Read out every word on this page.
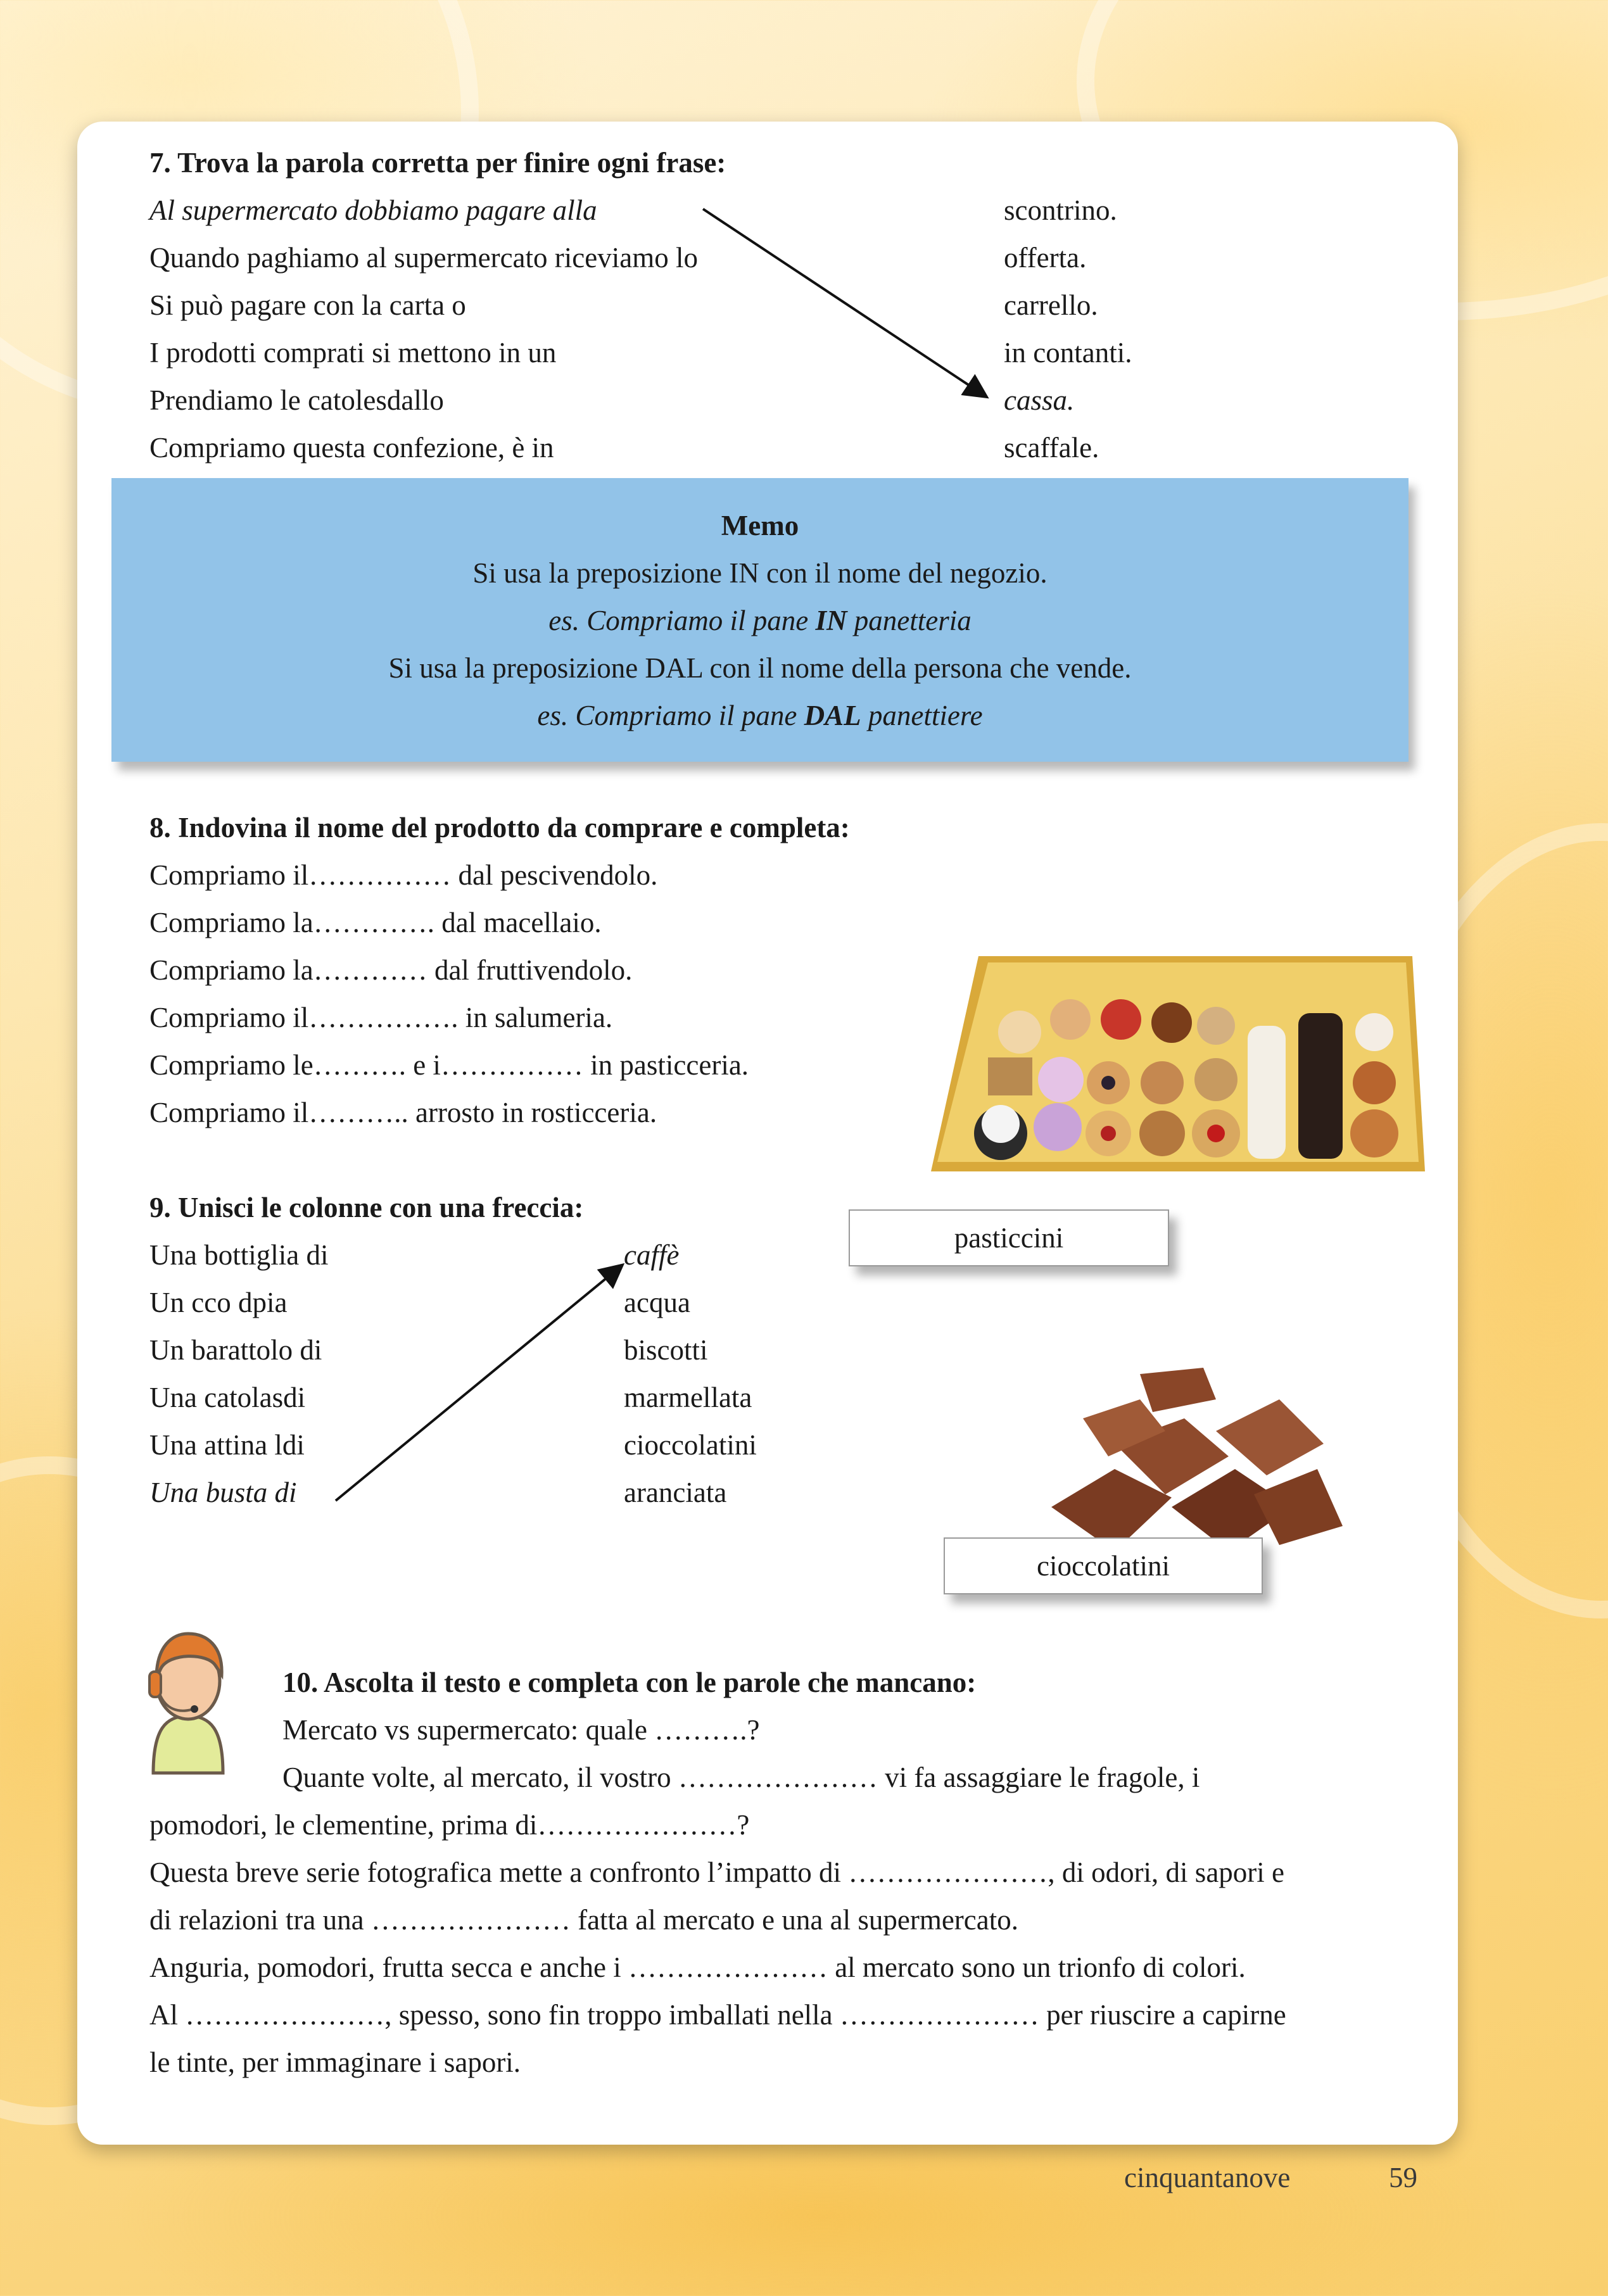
7. Trova la parola corretta per finire ogni frase:
Al supermercato dobbiamo pagare alla
Quando paghiamo al supermercato riceviamo lo
Si può pagare con la carta o
I prodotti comprati si mettono in un
Prendiamo le catolesdallo
Compriamo questa confezione, è in
scontrino.
offerta.
carrello.
in contanti.
cassa.
scaffale.
Memo
Si usa la preposizione IN con il nome del negozio.
es. Compriamo il pane IN panetteria
Si usa la preposizione DAL con il nome della persona che vende.
es. Compriamo il pane DAL panettiere
8. Indovina il nome del prodotto da comprare e completa:
Compriamo il…………… dal pescivendolo.
Compriamo la…………. dal macellaio.
Compriamo la………… dal fruttivendolo.
Compriamo il……………. in salumeria.
Compriamo le………. e i…………… in pasticceria.
Compriamo il……….. arrosto in rosticceria.
pasticcini
9. Unisci le colonne con una freccia:
Una bottiglia di
Un cco dpia
Un barattolo di
Una catolasdi
Una attina ldi
Una busta di
caffè
acqua
biscotti
marmellata
cioccolatini
aranciata
cioccolatini
10. Ascolta il testo e completa con le parole che mancano:
Mercato vs supermercato: quale ……….?
Quante volte, al mercato, il vostro ………………… vi fa assaggiare le fragole, i
pomodori, le clementine, prima di…………………?
Questa breve serie fotografica mette a confronto l’impatto di …………………, di odori, di sapori e
di relazioni tra una ………………… fatta al mercato e una al supermercato.
Anguria, pomodori, frutta secca e anche i ………………… al mercato sono un trionfo di colori.
Al …………………, spesso, sono fin troppo imballati nella ………………… per riuscire a capirne
le tinte, per immaginare i sapori.
cinquantanove	59
